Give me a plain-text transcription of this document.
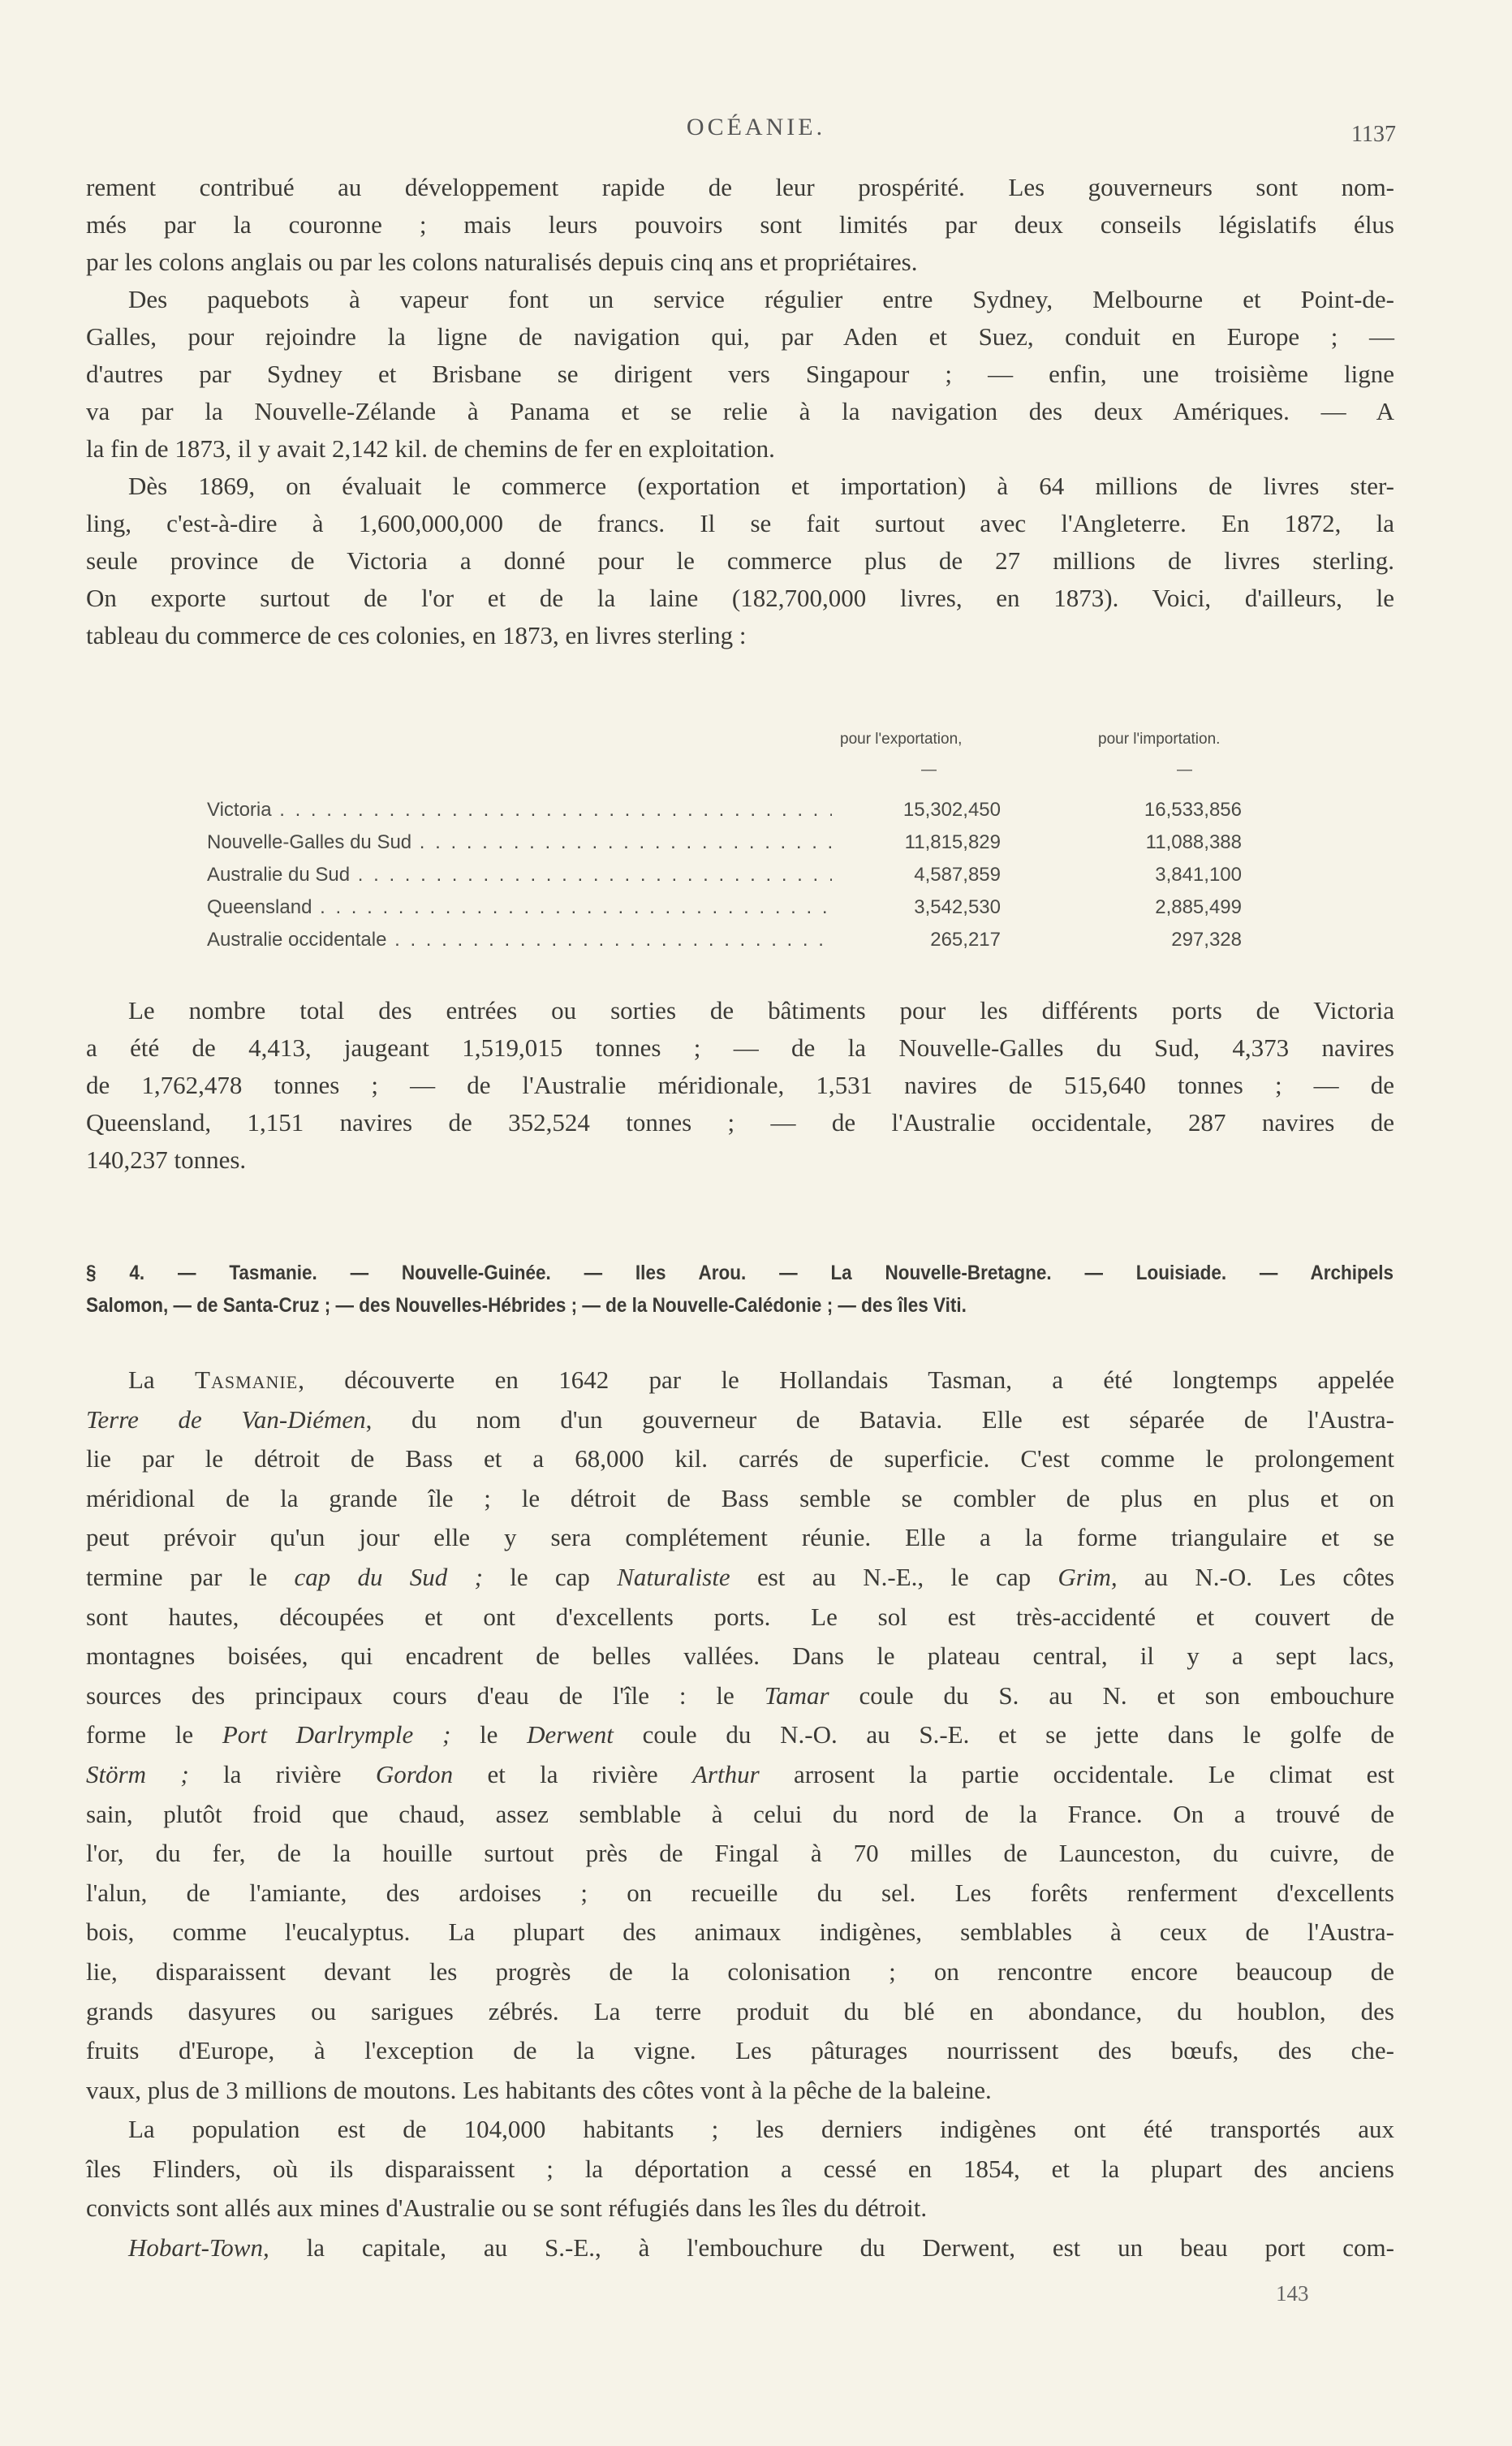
OCÉANIE.	1137
rement contribué au développement rapide de leur prospérité. Les gouverneurs sont nom-
més par la couronne ; mais leurs pouvoirs sont limités par deux conseils législatifs élus
par les colons anglais ou par les colons naturalisés depuis cinq ans et propriétaires.
Des paquebots à vapeur font un service régulier entre Sydney, Melbourne et Point-de-
Galles, pour rejoindre la ligne de navigation qui, par Aden et Suez, conduit en Europe ; —
d'autres par Sydney et Brisbane se dirigent vers Singapour ; — enfin, une troisième ligne
va par la Nouvelle-Zélande à Panama et se relie à la navigation des deux Amériques. — A
la fin de 1873, il y avait 2,142 kil. de chemins de fer en exploitation.
Dès 1869, on évaluait le commerce (exportation et importation) à 64 millions de livres ster-
ling, c'est-à-dire à 1,600,000,000 de francs. Il se fait surtout avec l'Angleterre. En 1872, la
seule province de Victoria a donné pour le commerce plus de 27 millions de livres sterling.
On exporte surtout de l'or et de la laine (182,700,000 livres, en 1873). Voici, d'ailleurs, le
tableau du commerce de ces colonies, en 1873, en livres sterling :
pour l'exportation,	pour l'importation.
—	—
Victoria . . .	15,302,450	16,533,856
Nouvelle-Galles du Sud . . .	11,815,829	11,088,388
Australie du Sud . . .	4,587,859	3,841,100
Queensland . . .	3,542,530	2,885,499
Australie occidentale . . .	265,217	297,328
Le nombre total des entrées ou sorties de bâtiments pour les différents ports de Victoria
a été de 4,413, jaugeant 1,519,015 tonnes ; — de la Nouvelle-Galles du Sud, 4,373 navires
de 1,762,478 tonnes ; — de l'Australie méridionale, 1,531 navires de 515,640 tonnes ; — de
Queensland, 1,151 navires de 352,524 tonnes ; — de l'Australie occidentale, 287 navires de
140,237 tonnes.
§ 4. — Tasmanie. — Nouvelle-Guinée. — Iles Arou. — La Nouvelle-Bretagne. — Louisiade. — Archipels
Salomon, — de Santa-Cruz ; — des Nouvelles-Hébrides ; — de la Nouvelle-Calédonie ; — des îles Viti.
La Tasmanie, découverte en 1642 par le Hollandais Tasman, a été longtemps appelée
Terre de Van-Diémen, du nom d'un gouverneur de Batavia. Elle est séparée de l'Austra-
lie par le détroit de Bass et a 68,000 kil. carrés de superficie. C'est comme le prolongement
méridional de la grande île ; le détroit de Bass semble se combler de plus en plus et on
peut prévoir qu'un jour elle y sera complétement réunie. Elle a la forme triangulaire et se
termine par le cap du Sud ; le cap Naturaliste est au N.-E., le cap Grim, au N.-O. Les côtes
sont hautes, découpées et ont d'excellents ports. Le sol est très-accidenté et couvert de
montagnes boisées, qui encadrent de belles vallées. Dans le plateau central, il y a sept lacs,
sources des principaux cours d'eau de l'île : le Tamar coule du S. au N. et son embouchure
forme le Port Darlrymple ; le Derwent coule du N.-O. au S.-E. et se jette dans le golfe de
Störm ; la rivière Gordon et la rivière Arthur arrosent la partie occidentale. Le climat est
sain, plutôt froid que chaud, assez semblable à celui du nord de la France. On a trouvé de
l'or, du fer, de la houille surtout près de Fingal à 70 milles de Launceston, du cuivre, de
l'alun, de l'amiante, des ardoises ; on recueille du sel. Les forêts renferment d'excellents
bois, comme l'eucalyptus. La plupart des animaux indigènes, semblables à ceux de l'Austra-
lie, disparaissent devant les progrès de la colonisation ; on rencontre encore beaucoup de
grands dasyures ou sarigues zébrés. La terre produit du blé en abondance, du houblon, des
fruits d'Europe, à l'exception de la vigne. Les pâturages nourrissent des bœufs, des che-
vaux, plus de 3 millions de moutons. Les habitants des côtes vont à la pêche de la baleine.
La population est de 104,000 habitants ; les derniers indigènes ont été transportés aux
îles Flinders, où ils disparaissent ; la déportation a cessé en 1854, et la plupart des anciens
convicts sont allés aux mines d'Australie ou se sont réfugiés dans les îles du détroit.
Hobart-Town, la capitale, au S.-E., à l'embouchure du Derwent, est un beau port com-
143
